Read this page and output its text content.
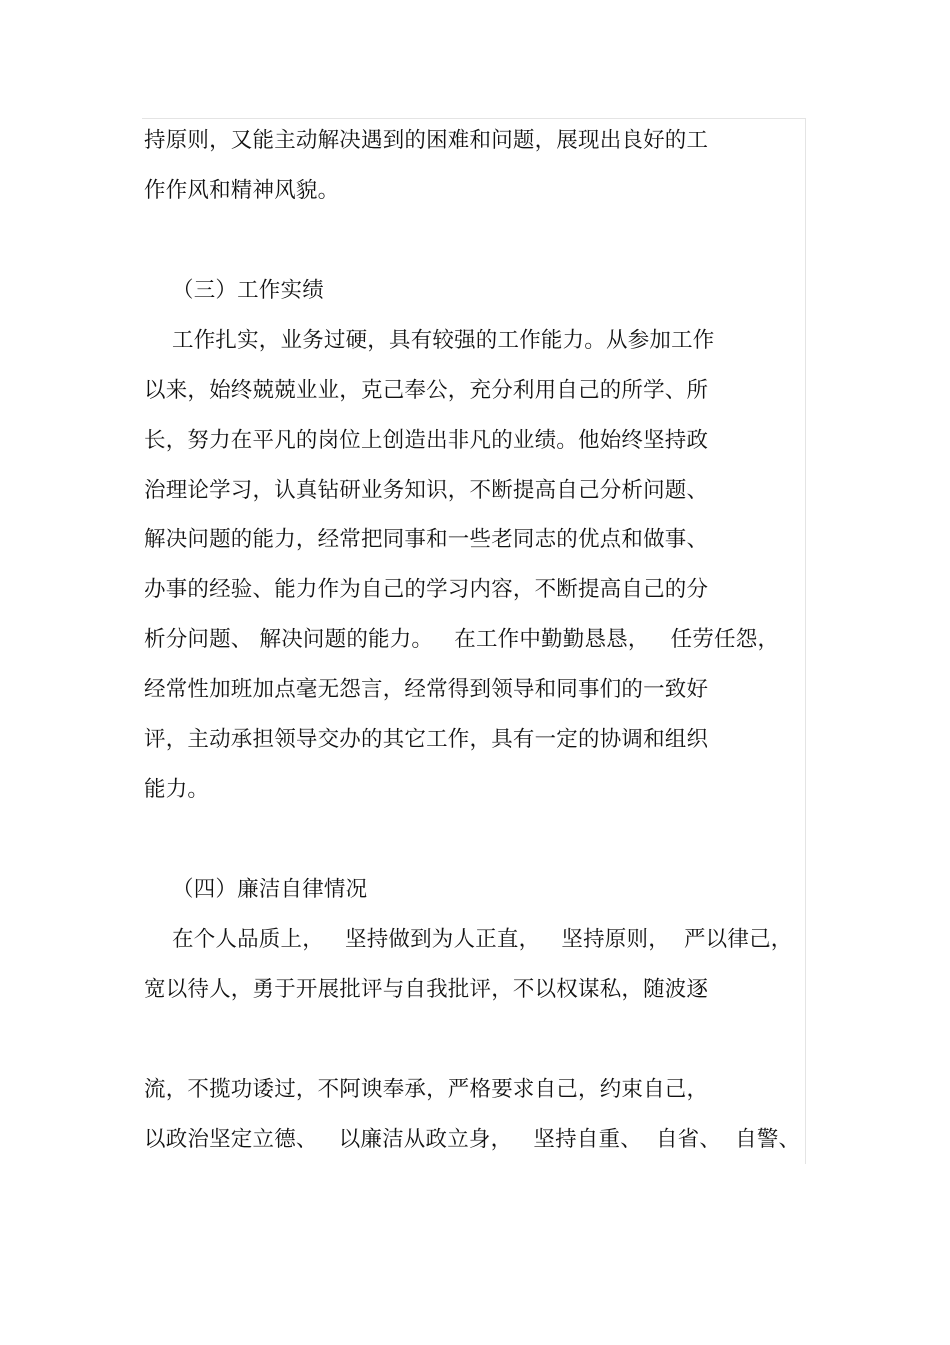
持原则，又能主动解决遇到的困难和问题，展现出良好的工
作作风和精神风貌。
（三）工作实绩
工作扎实，业务过硬，具有较强的工作能力。从参加工作
以来，始终兢兢业业，克己奉公，充分利用自己的所学、所
长，努力在平凡的岗位上创造出非凡的业绩。他始终坚持政
治理论学习，认真钻研业务知识，不断提高自己分析问题、
解决问题的能力，经常把同事和一些老同志的优点和做事、
办事的经验、能力作为自己的学习内容，不断提高自己的分
析分问题、 解决问题的能力。   在工作中勤勤恳恳，   任劳任怨，
经常性加班加点毫无怨言，经常得到领导和同事们的一致好
评，主动承担领导交办的其它工作，具有一定的协调和组织
能力。
（四）廉洁自律情况
在个人品质上，   坚持做到为人正直，   坚持原则，  严以律己，
宽以待人，勇于开展批评与自我批评，不以权谋私，随波逐
流，不揽功诿过，不阿谀奉承，严格要求自己，约束自己，
以政治坚定立德、   以廉洁从政立身，   坚持自重、  自省、  自警、
